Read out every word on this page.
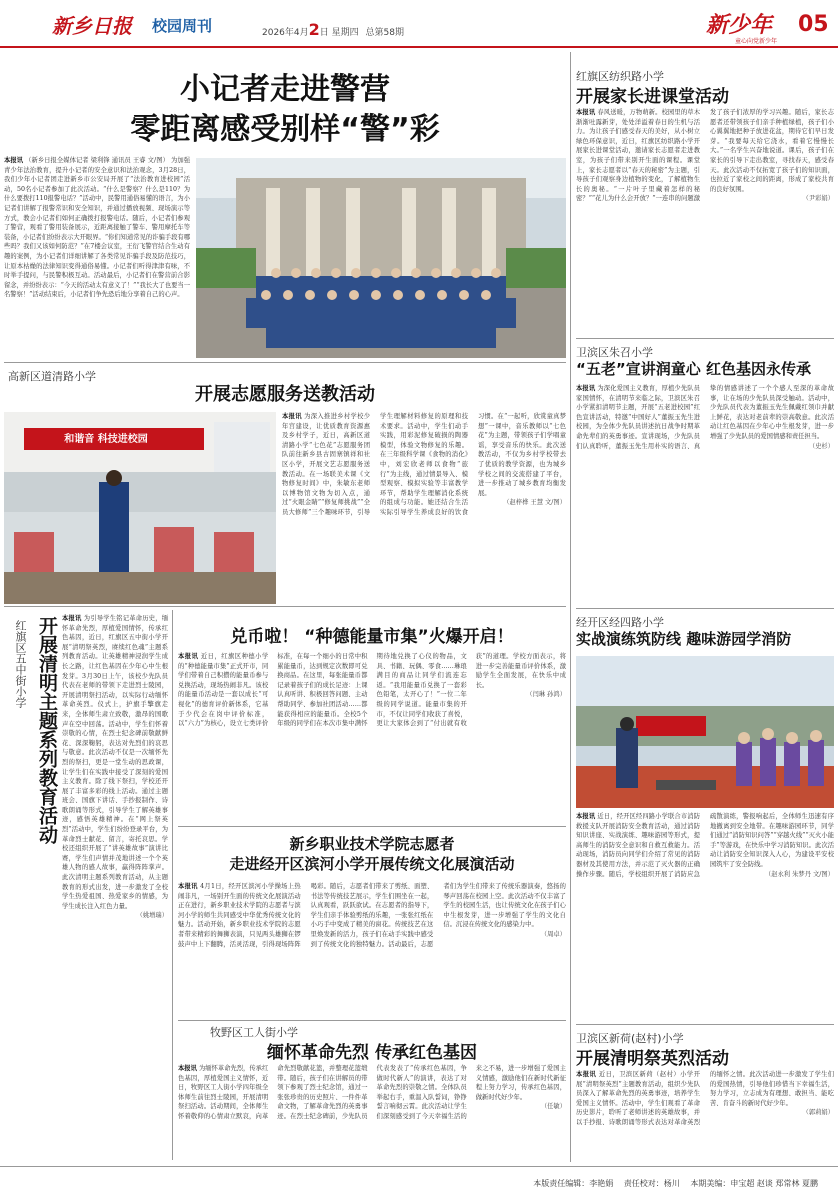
新乡日报 校园周刊	2026年4月2日 星期四 总第58期	新少年
童心向党新少年
05
小记者走进警营
零距离感受别样“警”彩
本报讯 （新乡日报全媒体记者 梁利锋 通讯员 王睿 文/图） 为加强青少年法治教育，提升小记者的安全意识和法治观念，3月28日，我们少年小记者团走进新乡市公安局开展了“法治教育进校园”活动，50名小记者参加了此次活动。“什么是警察？什么是110？为什么要拨打110报警电话？”活动中，民警用通俗易懂的语言，为小记者们讲解了报警常识和安全知识，并通过播放视频、现场演示等方式，教会小记者们如何正确拨打报警电话。随后，小记者们参观了警营，观看了警用装备展示，近距离接触了警车、警用摩托车等装备，小记者们纷纷表示大开眼界。“你们知道常见的诈骗手段有哪些吗？我们又该如何防范？”在7楼会议室，王衍飞警官结合生动有趣的案例，为小记者们详细讲解了各类常见诈骗手段及防范技巧，让原本枯燥的法律知识变得通俗易懂。小记者们听得津津有味，不时举手提问，与民警积极互动。活动最后，小记者们在警营前合影留念，并纷纷表示：“今天的活动太有意义了！”“我长大了也要当一名警察！”活动结束后，小记者们争先恐后地分享着自己的心声。
高新区道清路小学
开展志愿服务送教活动
和谐音 科技进校园
本报讯 为深入推进乡村学校少年宫建设，让优质教育资源惠及乡村学子，近日，高新区道清路小学“七色花”志愿服务团队前往新乡县古固寨镇祥和社区小学，开展文艺志愿服务送教活动。在一场联美术课《文物修复时间》中，朱敏东老师以博物馆文物为切入点，通过“火眼金睛”“修复师挑战”“全员大修师”三个趣味环节，引导学生理解材料修复的原理和技术要求。活动中，学生们动手实践，用彩泥修复破损的陶器模型，体验文物修复的乐趣。在三年级科学课《食物的消化》中，刘宏欣老师以食物“旅行”为主线，通过情景导入、模型观察、模拟实验等丰富教学环节，帮助学生理解消化系统的组成与功能。她还结合生活实际引导学生养成良好的饮食习惯。在“一起听，欣赏童真梦想”一课中，音乐教师以“七色花”为主题，带领孩子们学唱童谣，享受音乐的快乐。此次送教活动，不仅为乡村学校带去了优质的教学资源，也为城乡学校之间的交流搭建了平台，进一步推动了城乡教育均衡发展。
（赵梓桦 王慧 文/图）
开展清明主题系列教育活动
红旗区五中街小学
本报讯 为引导学生铭记革命历史，缅怀革命先烈，厚植爱国情怀，传承红色基因，近日，红旗区五中街小学开展“清明祭英烈，赓续红色魂”主题系列教育活动。让英雄精神浸润学生成长之路，让红色基因在少年心中生根发芽。3月30日上午，该校少先队员代表在老师的带领下走进烈士陵园，开展清明祭扫活动，以实际行动缅怀革命英烈。仪式上，护旗手擎旗走来，全体师生肃立致敬，激昂的国歌声在空中回荡。活动中，学生们怀着崇敬的心情，在烈士纪念碑前敬献鲜花、深深鞠躬，表达对先烈们的哀思与敬意。此次活动不仅是一次缅怀先烈的祭扫，更是一堂生动的思政课，让学生们在实践中接受了深刻的爱国主义教育。除了线下祭扫，学校还开展了丰富多彩的线上活动。通过主题班会、国旗下讲话、手抄报制作、诗歌朗诵等形式，引导学生了解英雄事迹，感悟英雄精神。在“网上祭英烈”活动中，学生们纷纷登录平台，为革命烈士献花、留言，寄托哀思。学校还组织开展了“讲英雄故事”演讲比赛，学生们声情并茂地讲述一个个英雄人物的感人故事，赢得阵阵掌声。此次清明主题系列教育活动，从主题教育的形式出发，进一步激发了全校学生热爱祖国、热爱家乡的情感，为学生成长注入红色力量。
（姚增瑞）
兑币啦！ “种德能量市集”火爆开启！
本报讯 近日，红旗区种德小学的“种德能量市集”正式开市，同学们带着自己积攒的能量币参与兑换活动，现场热闹非凡。该校的能量币活动是一套以成长“可视化”的德育评价新体系，它基于少代会在岗中评价标准，以“六力”为核心，设立七类评价标准，在每一个细小的日常中积累能量币，达到规定次数即可兑换商品。在这里，每张能量币都记录着孩子们的成长足迹：上课认真听讲、积极回答问题、主动帮助同学、参加社团活动……都能获得相应的能量币。全校5个年级的同学们在本次市集中满怀期待地兑换了心仪的物品，文具、书籍、玩偶、零食……琳琅满目的商品让同学们流连忘返。“我用能量币兑换了一套彩色铅笔，太开心了！”一位二年级的同学说道。能量市集的开市，不仅让同学们收获了喜悦，更让大家体会到了“付出就有收获”的道理。学校方面表示，将进一步完善能量币评价体系，激励学生全面发展，在快乐中成长。
（闫琳 孙鸿）
新乡职业技术学院志愿者
走进经开区滨河小学开展传统文化展演活动
本报讯 4月1日，经开区滨河小学操场上热闹非凡，一场别开生面的传统文化展演活动正在进行，新乡职业技术学院的志愿者与滨河小学的师生共同感受中华优秀传统文化的魅力。活动开始，新乡职业技术学院的志愿者带来精彩的舞狮表演，只见两头雄狮在锣鼓声中上下翻腾，活灵活现，引得现场阵阵喝彩。随后，志愿者们带来了剪纸、面塑、书法等传统技艺展示，学生们围坐在一起，认真观看，跃跃欲试。在志愿者的指导下，学生们亲手体验剪纸的乐趣，一张张红纸在小巧手中变成了精美的窗花。传统技艺在这里焕发新的活力，孩子们在动手实践中感受到了传统文化的独特魅力。活动最后，志愿者们为学生们带来了传统乐器演奏，悠扬的琴声回荡在校园上空。此次活动不仅丰富了学生的校园生活，也让传统文化在孩子们心中生根发芽，进一步增强了学生的文化自信。沉浸在传统文化的感染力中。
（周卓）
牧野区工人街小学
缅怀革命先烈 传承红色基因
本报讯 为缅怀革命先烈，传承红色基因，厚植爱国主义情怀，近日，牧野区工人街小学四年级全体师生前往烈士陵园，开展清明祭扫活动。活动期间，全体师生怀着敬仰的心情肃立默哀，向革命先烈敬献花篮，并整理花篮缎带。随后，孩子们在讲解员的带领下参观了烈士纪念馆，通过一张张珍贵的历史照片、一件件革命文物，了解革命先烈的英勇事迹。在烈士纪念碑前，少先队员代表发表了“传承红色基因，争做时代新人”的演讲，表达了对革命先烈的崇敬之情。全体队员举起右手，重温入队誓词，铮铮誓言响彻云霄。此次活动让学生们深刻感受到了今天幸福生活的来之不易，进一步增强了爱国主义情感，激励他们在新时代新征程上努力学习，传承红色基因，做新时代好少年。
（任敏）
红旗区纺织路小学
开展家长进课堂活动
本报讯 春风送暖，万物萌新。校园里的草木渐渐吐露新芽，处处洋溢着春日的生机与活力。为让孩子们感受春天的美好，从小树立绿色环保意识，近日，红旗区纺织路小学开展家长进课堂活动，邀请家长志愿者走进教室，为孩子们带来别开生面的课程。课堂上，家长志愿者以“春天的秘密”为主题，引导孩子们观察身边植物的变化，了解植物生长的奥秘。“一片叶子里藏着怎样的秘密？”“花儿为什么会开放？”一连串的问题激发了孩子们浓厚的学习兴趣。随后，家长志愿者还带领孩子们亲手种植绿植，孩子们小心翼翼地把种子放进花盆，期待它们早日发芽。“我要每天给它浇水，看着它慢慢长大。”一名学生兴奋地说道。课后，孩子们在家长的引导下走出教室，寻找春天，感受春天。此次活动不仅拓宽了孩子们的知识面，也拉近了家校之间的距离，形成了家校共育的良好氛围。
（尹彩娟）
卫滨区朱召小学
“五老”宣讲润童心 红色基因永传承
本报讯 为深化爱国主义教育，厚植少先队员家国情怀，在清明节来临之际，卫滨区朱召小学紧扣清明节主题，开展“五老进校园”红色宣讲活动，特邀“中国好人”董振玉先生进校园，为全体少先队员讲述抗日战争时期革命先辈们的英勇事迹。宣讲现场，少先队员们认真聆听，董振玉先生用朴实的语言、真挚的情感讲述了一个个感人至深的革命故事，让在场的少先队员深受触动。活动中，少先队员代表为董振玉先生佩戴红领巾并献上鲜花，表达对老前辈的崇高敬意。此次活动让红色基因在少年心中生根发芽，进一步增强了少先队员的爱国情感和责任担当。
（史杉）
经开区经四路小学
实战演练筑防线 趣味游园学消防
本报讯 近日，经开区经四路小学联合市消防救援支队开展消防安全教育活动，通过消防知识讲座、实战演练、趣味游园等形式，提高师生的消防安全意识和自救互救能力。活动现场，消防员向同学们介绍了常见的消防器材及其使用方法，并示范了灭火器的正确操作步骤。随后，学校组织开展了消防应急疏散演练，警报响起后，全体师生迅速有序地撤离到安全地带。在趣味游园环节，同学们通过“消防知识问答”“穿越火线”“灭火小能手”等游戏，在快乐中学习消防知识。此次活动让消防安全知识深入人心，为建设平安校园筑牢了安全防线。
（赵永利 朱梦丹 文/图）
卫滨区新荷(赵村)小学
开展清明祭英烈活动
本报讯 近日，卫滨区新荷（赵村）小学开展“清明祭英烈”主题教育活动，组织少先队员深入了解革命先烈的英勇事迹，培养学生爱国主义情怀。活动中，学生们观看了革命历史影片，聆听了老师讲述的英雄故事，并以手抄报、诗歌朗诵等形式表达对革命英烈的缅怀之情。此次活动进一步激发了学生们的爱国热情，引导他们珍惜当下幸福生活，努力学习，立志成为有理想、敢担当、能吃苦、肯奋斗的新时代好少年。
（郭莉娟）
本版责任编辑：李艳娟 责任校对：杨川 本期美编：申宝超 赵谈 郑常林 夏鹏
